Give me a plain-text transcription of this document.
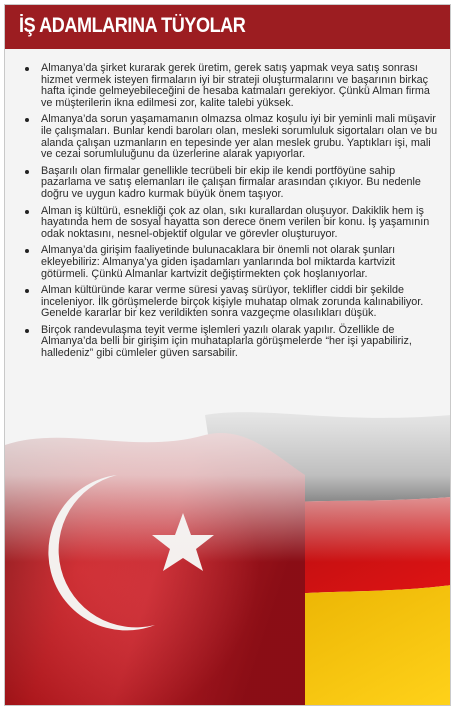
İŞ ADAMLARINA TÜYOLAR
Almanya’da şirket kurarak gerek üretim, gerek satış yapmak veya satış sonrası hizmet vermek isteyen firmaların iyi bir strateji oluşturmalarını ve başarının birkaç hafta içinde gelmeyebileceğini de hesaba katmaları gerekiyor. Çünkü Alman firma ve müşterilerin ikna edilmesi zor, kalite talebi yüksek.
Almanya’da sorun yaşamamanın olmazsa olmaz koşulu iyi bir yeminli mali müşavir ile çalışmaları. Bunlar kendi baroları olan, mesleki sorumluluk sigortaları olan ve bu alanda çalışan uzmanların en tepesinde yer alan meslek grubu. Yaptıkları işi, mali ve cezai sorumluluğunu da üzerlerine alarak yapıyorlar.
Başarılı olan firmalar genellikle tecrübeli bir ekip ile kendi portföyüne sahip pazarlama ve satış elemanları ile çalışan firmalar arasından çıkıyor. Bu nedenle doğru ve uygun kadro kurmak büyük önem taşıyor.
Alman iş kültürü, esnekliği çok az olan, sıkı kurallardan oluşuyor. Dakiklik hem iş hayatında hem de sosyal hayatta son derece önem verilen bir konu. İş yaşamının odak noktasını, nesnel-objektif olgular ve görevler oluşturuyor.
Almanya’da girişim faaliyetinde bulunacaklara bir önemli not olarak şunları ekleyebiliriz: Almanya’ya giden işadamları yanlarında bol miktarda kartvizit götürmeli. Çünkü Almanlar kartvizit değiştirmekten çok hoşlanıyorlar.
Alman kültüründe karar verme süresi yavaş sürüyor, teklifler ciddi bir şekilde inceleniyor. İlk görüşmelerde birçok kişiyle muhatap olmak zorunda kalınabiliyor. Genelde kararlar bir kez verildikten sonra vazgeçme olasılıkları düşük.
Birçok randevulaşma teyit verme işlemleri yazılı olarak yapılır. Özellikle de Almanya’da belli bir girişim için muhataplarla görüşmelerde “her işi yapabiliriz, halledeniz” gibi cümleler güven sarsabilir.
